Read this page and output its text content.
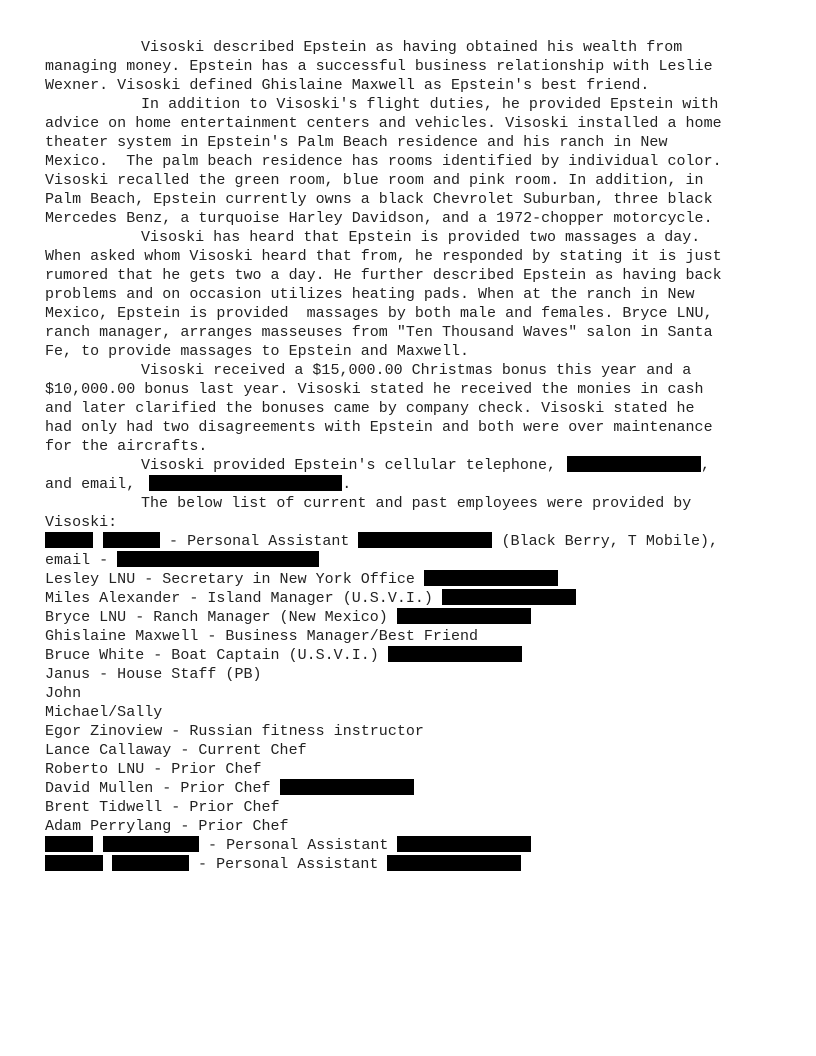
Visoski described Epstein as having obtained his wealth from
managing money. Epstein has a successful business relationship with Leslie
Wexner. Visoski defined Ghislaine Maxwell as Epstein's best friend.
In addition to Visoski's flight duties, he provided Epstein with
advice on home entertainment centers and vehicles. Visoski installed a home
theater system in Epstein's Palm Beach residence and his ranch in New
Mexico.  The palm beach residence has rooms identified by individual color.
Visoski recalled the green room, blue room and pink room. In addition, in
Palm Beach, Epstein currently owns a black Chevrolet Suburban, three black
Mercedes Benz, a turquoise Harley Davidson, and a 1972-chopper motorcycle.
Visoski has heard that Epstein is provided two massages a day.
When asked whom Visoski heard that from, he responded by stating it is just
rumored that he gets two a day. He further described Epstein as having back
problems and on occasion utilizes heating pads. When at the ranch in New
Mexico, Epstein is provided  massages by both male and females. Bryce LNU,
ranch manager, arranges masseuses from "Ten Thousand Waves" salon in Santa
Fe, to provide massages to Epstein and Maxwell.
Visoski received a $15,000.00 Christmas bonus this year and a
$10,000.00 bonus last year. Visoski stated he received the monies in cash
and later clarified the bonuses came by company check. Visoski stated he
had only had two disagreements with Epstein and both were over maintenance
for the aircrafts.
Visoski provided Epstein's cellular telephone,	,
and email,	.
The below list of current and past employees were provided by
Visoski:
- Personal Assistant	(Black Berry, T Mobile),
email -
Lesley LNU - Secretary in New York Office
Miles Alexander - Island Manager (U.S.V.I.)
Bryce LNU - Ranch Manager (New Mexico)
Ghislaine Maxwell - Business Manager/Best Friend
Bruce White - Boat Captain (U.S.V.I.)
Janus - House Staff (PB)
John
Michael/Sally
Egor Zinoview - Russian fitness instructor
Lance Callaway - Current Chef
Roberto LNU - Prior Chef
David Mullen - Prior Chef
Brent Tidwell - Prior Chef
Adam Perrylang - Prior Chef
- Personal Assistant
- Personal Assistant
